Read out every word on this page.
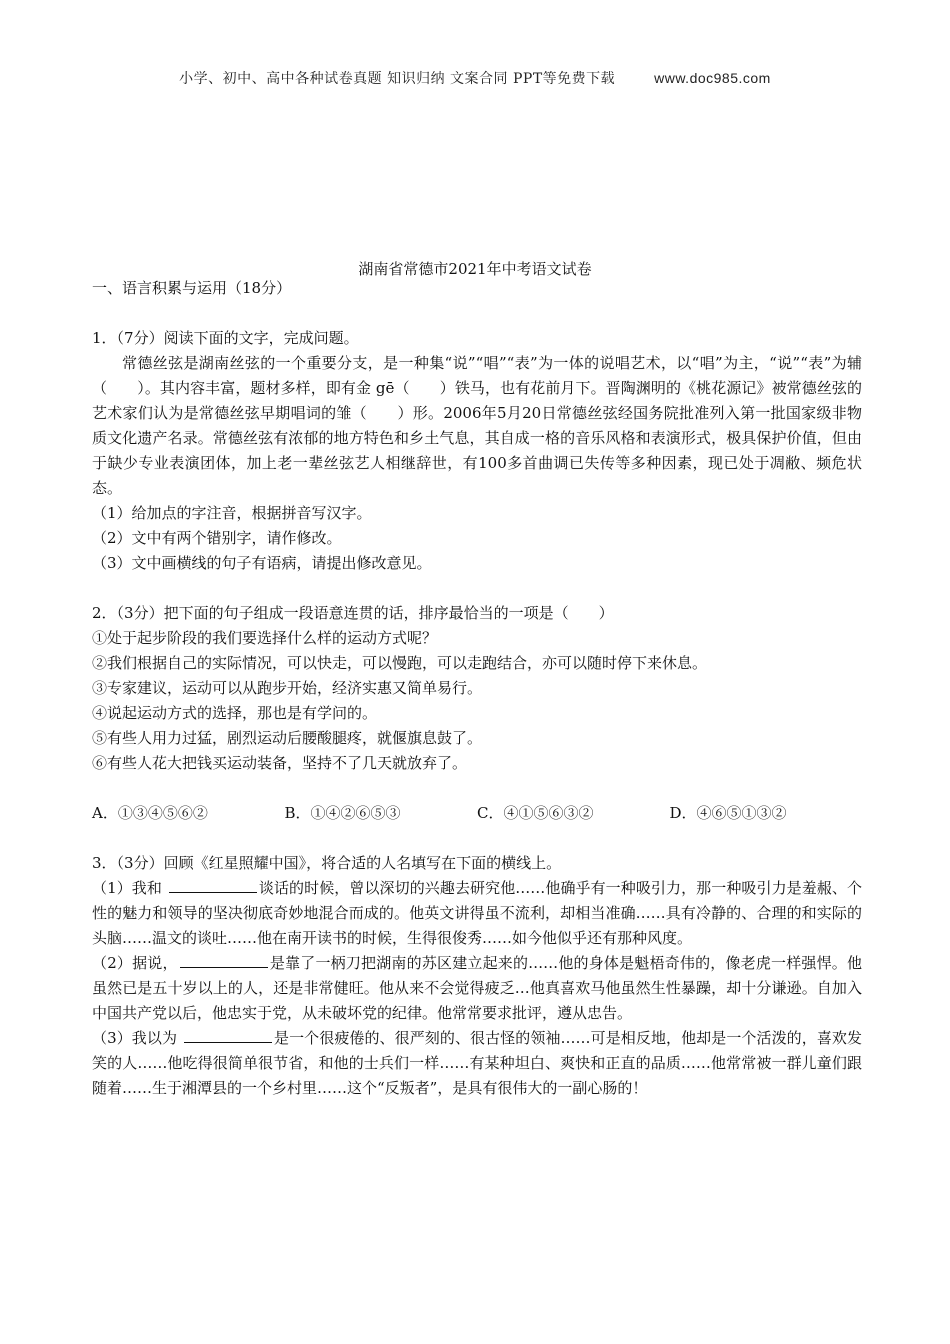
小学、初中、高中各种试卷真题 知识归纳 文案合同 PPT等免费下载	www.doc985.com
湖南省常德市2021年中考语文试卷
一、语言积累与运用（18分）
1．（7分）阅读下面的文字，完成问题。
常德丝弦是湖南丝弦的一个重要分支，是一种集“说”“唱”“表”为一体的说唱艺术，以“唱”为主，“说”“表”为辅（　　）。其内容丰富，题材多样，即有金 gē（　　）铁马，也有花前月下。晋陶渊明的《桃花源记》被常德丝弦的艺术家们认为是常德丝弦早期唱词的雏（　　）形。2006年5月20日常德丝弦经国务院批准列入第一批国家级非物质文化遗产名录。常德丝弦有浓郁的地方特色和乡土气息，其自成一格的音乐风格和表演形式，极具保护价值，但由于缺少专业表演团体，加上老一辈丝弦艺人相继辞世，有100多首曲调已失传等多种因素，现已处于凋敝、频危状态。
（1）给加点的字注音，根据拼音写汉字。
（2）文中有两个错别字，请作修改。
（3）文中画横线的句子有语病，请提出修改意见。
2．（3分）把下面的句子组成一段语意连贯的话，排序最恰当的一项是（　　）
①处于起步阶段的我们要选择什么样的运动方式呢？
②我们根据自己的实际情况，可以快走，可以慢跑，可以走跑结合，亦可以随时停下来休息。
③专家建议，运动可以从跑步开始，经济实惠又简单易行。
④说起运动方式的选择，那也是有学问的。
⑤有些人用力过猛，剧烈运动后腰酸腿疼，就偃旗息鼓了。
⑥有些人花大把钱买运动装备，坚持不了几天就放弃了。
A．①③④⑤⑥②	B．①④②⑥⑤③	C．④①⑤⑥③②	D．④⑥⑤①③②
3．（3分）回顾《红星照耀中国》，将合适的人名填写在下面的横线上。
（1）我和	谈话的时候，曾以深切的兴趣去研究他……他确乎有一种吸引力，那一种吸引力是羞赧、个性的魅力和领导的坚决彻底奇妙地混合而成的。他英文讲得虽不流利，却相当准确……具有冷静的、合理的和实际的头脑……温文的谈吐……他在南开读书的时候，生得很俊秀……如今他似乎还有那种风度。
（2）据说，	是靠了一柄刀把湖南的苏区建立起来的……他的身体是魁梧奇伟的，像老虎一样强悍。他虽然已是五十岁以上的人，还是非常健旺。他从来不会觉得疲乏…他真喜欢马他虽然生性暴躁，却十分谦逊。自加入中国共产党以后，他忠实于党，从未破坏党的纪律。他常常要求批评，遵从忠告。
（3）我以为	是一个很疲倦的、很严刻的、很古怪的领袖……可是相反地，他却是一个活泼的，喜欢发笑的人……他吃得很简单很节省，和他的士兵们一样……有某种坦白、爽快和正直的品质……他常常被一群儿童们跟随着……生于湘潭县的一个乡村里……这个“反叛者”，是具有很伟大的一副心肠的！
